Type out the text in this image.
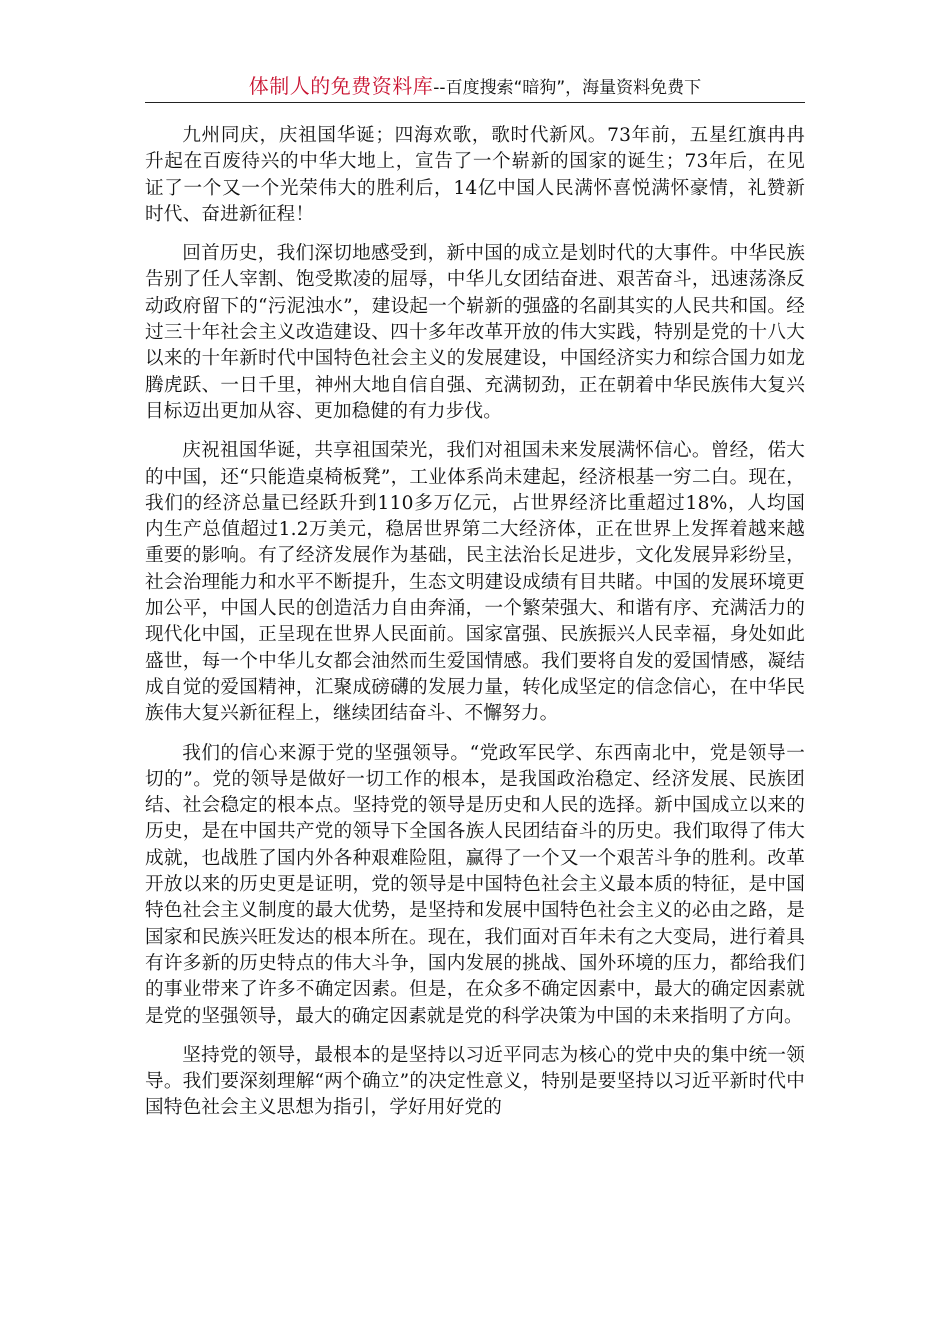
体制人的免费资料库--百度搜索“暗狗”，海量资料免费下

九州同庆，庆祖国华诞；四海欢歌，歌时代新风。73年前，五星红旗冉冉升起在百废待兴的中华大地上，宣告了一个崭新的国家的诞生；73年后，在见证了一个又一个光荣伟大的胜利后，14亿中国人民满怀喜悦满怀豪情，礼赞新时代、奋进新征程！

回首历史，我们深切地感受到，新中国的成立是划时代的大事件。中华民族告别了任人宰割、饱受欺凌的屈辱，中华儿女团结奋进、艰苦奋斗，迅速荡涤反动政府留下的“污泥浊水”，建设起一个崭新的强盛的名副其实的人民共和国。经过三十年社会主义改造建设、四十多年改革开放的伟大实践，特别是党的十八大以来的十年新时代中国特色社会主义的发展建设，中国经济实力和综合国力如龙腾虎跃、一日千里，神州大地自信自强、充满韧劲，正在朝着中华民族伟大复兴目标迈出更加从容、更加稳健的有力步伐。

庆祝祖国华诞，共享祖国荣光，我们对祖国未来发展满怀信心。曾经，偌大的中国，还“只能造桌椅板凳”，工业体系尚未建起，经济根基一穷二白。现在，我们的经济总量已经跃升到110多万亿元，占世界经济比重超过18%，人均国内生产总值超过1.2万美元，稳居世界第二大经济体，正在世界上发挥着越来越重要的影响。有了经济发展作为基础，民主法治长足进步，文化发展异彩纷呈，社会治理能力和水平不断提升，生态文明建设成绩有目共睹。中国的发展环境更加公平，中国人民的创造活力自由奔涌，一个繁荣强大、和谐有序、充满活力的现代化中国，正呈现在世界人民面前。国家富强、民族振兴人民幸福，身处如此盛世，每一个中华儿女都会油然而生爱国情感。我们要将自发的爱国情感，凝结成自觉的爱国精神，汇聚成磅礴的发展力量，转化成坚定的信念信心，在中华民族伟大复兴新征程上，继续团结奋斗、不懈努力。

我们的信心来源于党的坚强领导。“党政军民学、东西南北中，党是领导一切的”。党的领导是做好一切工作的根本，是我国政治稳定、经济发展、民族团结、社会稳定的根本点。坚持党的领导是历史和人民的选择。新中国成立以来的历史，是在中国共产党的领导下全国各族人民团结奋斗的历史。我们取得了伟大成就，也战胜了国内外各种艰难险阻，赢得了一个又一个艰苦斗争的胜利。改革开放以来的历史更是证明，党的领导是中国特色社会主义最本质的特征，是中国特色社会主义制度的最大优势，是坚持和发展中国特色社会主义的必由之路，是国家和民族兴旺发达的根本所在。现在，我们面对百年未有之大变局，进行着具有许多新的历史特点的伟大斗争，国内发展的挑战、国外环境的压力，都给我们的事业带来了许多不确定因素。但是，在众多不确定因素中，最大的确定因素就是党的坚强领导，最大的确定因素就是党的科学决策为中国的未来指明了方向。

坚持党的领导，最根本的是坚持以习近平同志为核心的党中央的集中统一领导。我们要深刻理解“两个确立”的决定性意义，特别是要坚持以习近平新时代中国特色社会主义思想为指引，学好用好党的
